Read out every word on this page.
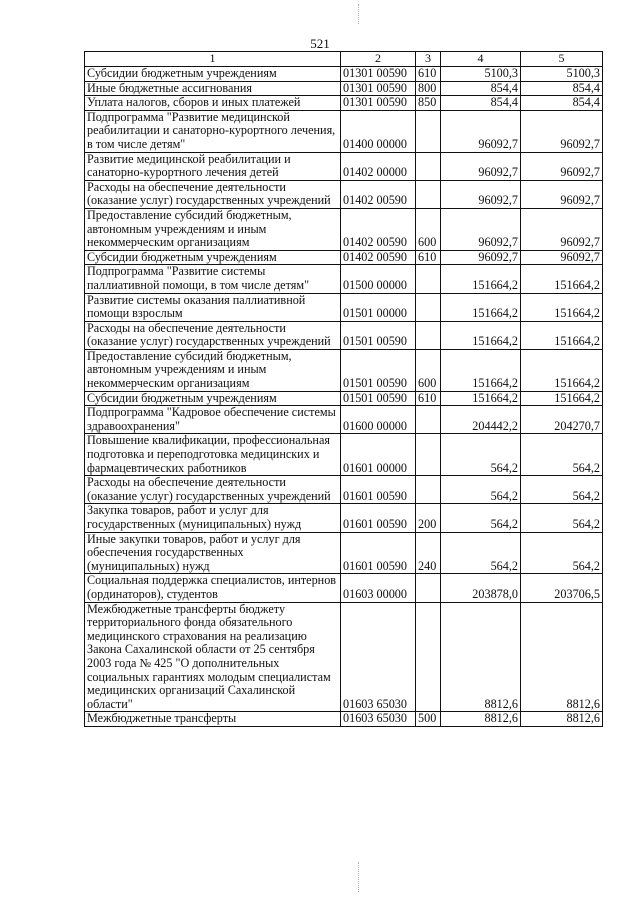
521
1	2	3	4	5
Субсидии бюджетным учреждениям	01301 00590	610	5100,3	5100,3
Иные бюджетные ассигнования	01301 00590	800	854,4	854,4
Уплата налогов, сборов и иных платежей	01301 00590	850	854,4	854,4
Подпрограмма "Развитие медицинской реабилитации и санаторно-курортного лечения, в том числе детям"	01400 00000		96092,7	96092,7
Развитие медицинской реабилитации и санаторно-курортного лечения детей	01402 00000		96092,7	96092,7
Расходы на обеспечение деятельности (оказание услуг) государственных учреждений	01402 00590		96092,7	96092,7
Предоставление субсидий бюджетным, автономным учреждениям и иным некоммерческим организациям	01402 00590	600	96092,7	96092,7
Субсидии бюджетным учреждениям	01402 00590	610	96092,7	96092,7
Подпрограмма "Развитие системы паллиативной помощи, в том числе детям"	01500 00000		151664,2	151664,2
Развитие системы оказания паллиативной помощи взрослым	01501 00000		151664,2	151664,2
Расходы на обеспечение деятельности (оказание услуг) государственных учреждений	01501 00590		151664,2	151664,2
Предоставление субсидий бюджетным, автономным учреждениям и иным некоммерческим организациям	01501 00590	600	151664,2	151664,2
Субсидии бюджетным учреждениям	01501 00590	610	151664,2	151664,2
Подпрограмма "Кадровое обеспечение системы здравоохранения"	01600 00000		204442,2	204270,7
Повышение квалификации, профессиональная подготовка и переподготовка медицинских и фармацевтических работников	01601 00000		564,2	564,2
Расходы на обеспечение деятельности (оказание услуг) государственных учреждений	01601 00590		564,2	564,2
Закупка товаров, работ и услуг для государственных (муниципальных) нужд	01601 00590	200	564,2	564,2
Иные закупки товаров, работ и услуг для обеспечения государственных (муниципальных) нужд	01601 00590	240	564,2	564,2
Социальная поддержка специалистов, интернов (ординаторов), студентов	01603 00000		203878,0	203706,5
Межбюджетные трансферты бюджету территориального фонда обязательного медицинского страхования на реализацию Закона Сахалинской области от 25 сентября 2003 года № 425 "О дополнительных социальных гарантиях молодым специалистам медицинских организаций Сахалинской области"	01603 65030		8812,6	8812,6
Межбюджетные трансферты	01603 65030	500	8812,6	8812,6
